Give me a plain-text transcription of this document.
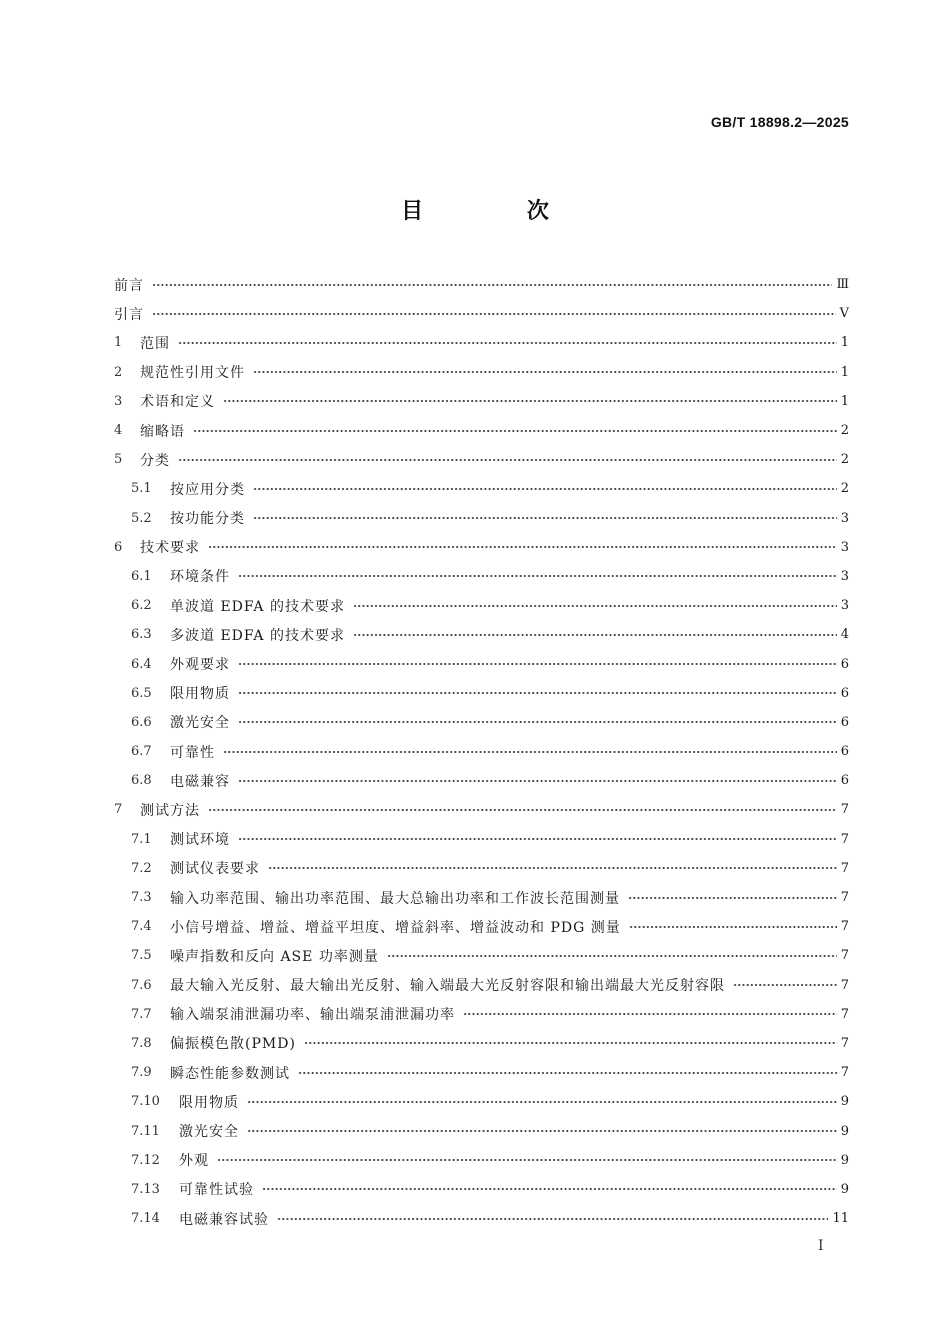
GB/T 18898.2—2025
目 次
前言	Ⅲ
引言	Ⅴ
1	范围	1
2	规范性引用文件	1
3	术语和定义	1
4	缩略语	2
5	分类	2
5.1	按应用分类	2
5.2	按功能分类	3
6	技术要求	3
6.1	环境条件	3
6.2	单波道 EDFA 的技术要求	3
6.3	多波道 EDFA 的技术要求	4
6.4	外观要求	6
6.5	限用物质	6
6.6	激光安全	6
6.7	可靠性	6
6.8	电磁兼容	6
7	测试方法	7
7.1	测试环境	7
7.2	测试仪表要求	7
7.3	输入功率范围、输出功率范围、最大总输出功率和工作波长范围测量	7
7.4	小信号增益、增益、增益平坦度、增益斜率、增益波动和 PDG 测量	7
7.5	噪声指数和反向 ASE 功率测量	7
7.6	最大输入光反射、最大输出光反射、输入端最大光反射容限和输出端最大光反射容限	7
7.7	输入端泵浦泄漏功率、输出端泵浦泄漏功率	7
7.8	偏振模色散(PMD)	7
7.9	瞬态性能参数测试	7
7.10	限用物质	9
7.11	激光安全	9
7.12	外观	9
7.13	可靠性试验	9
7.14	电磁兼容试验	11
I
